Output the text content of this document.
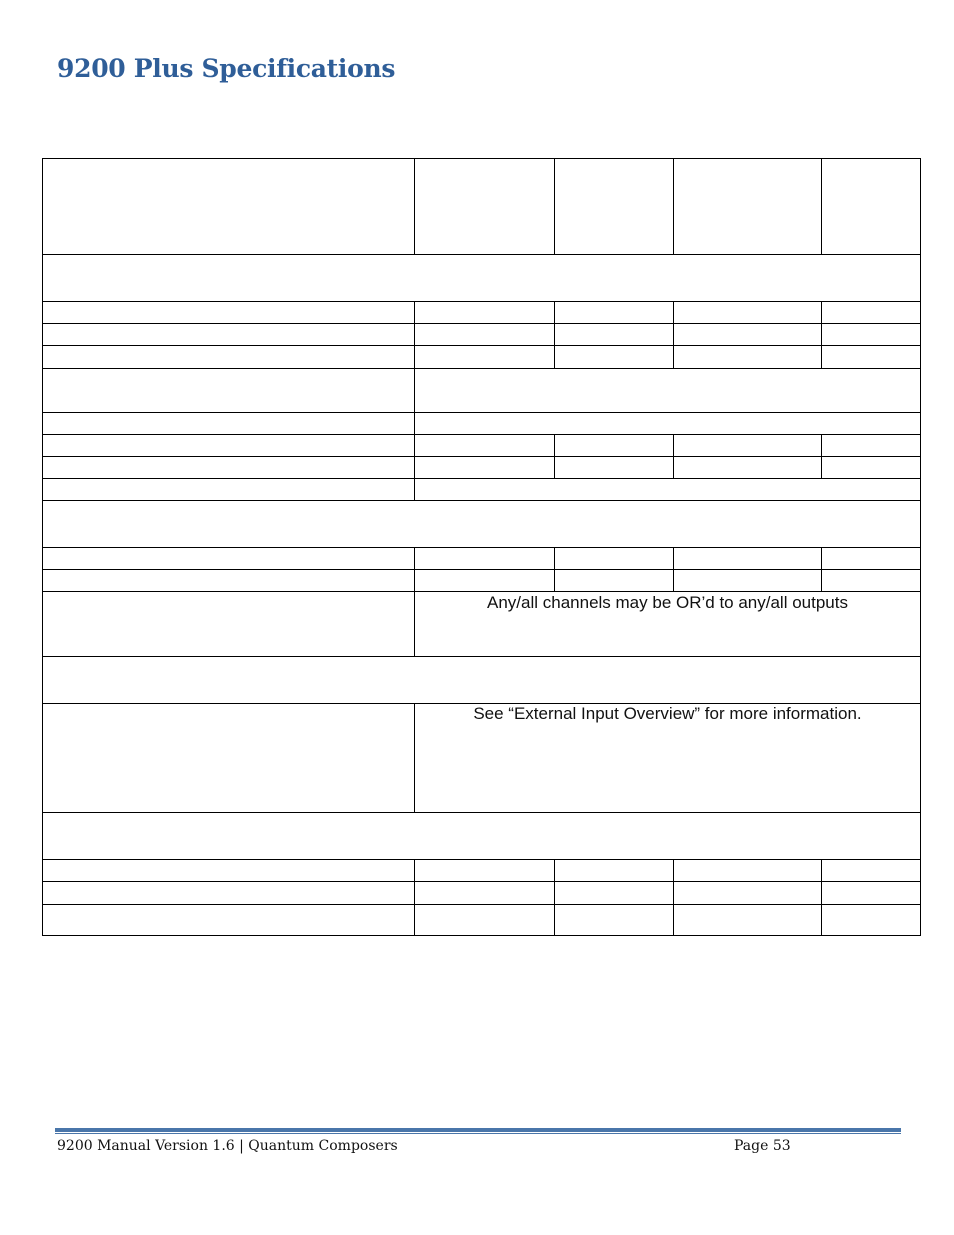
9200 Plus Specifications

	Any/all channels may be OR’d to any/all outputs			

	See “External Input Overview” for more information.			

9200 Manual Version 1.6 | Quantum Composers	Page 53
